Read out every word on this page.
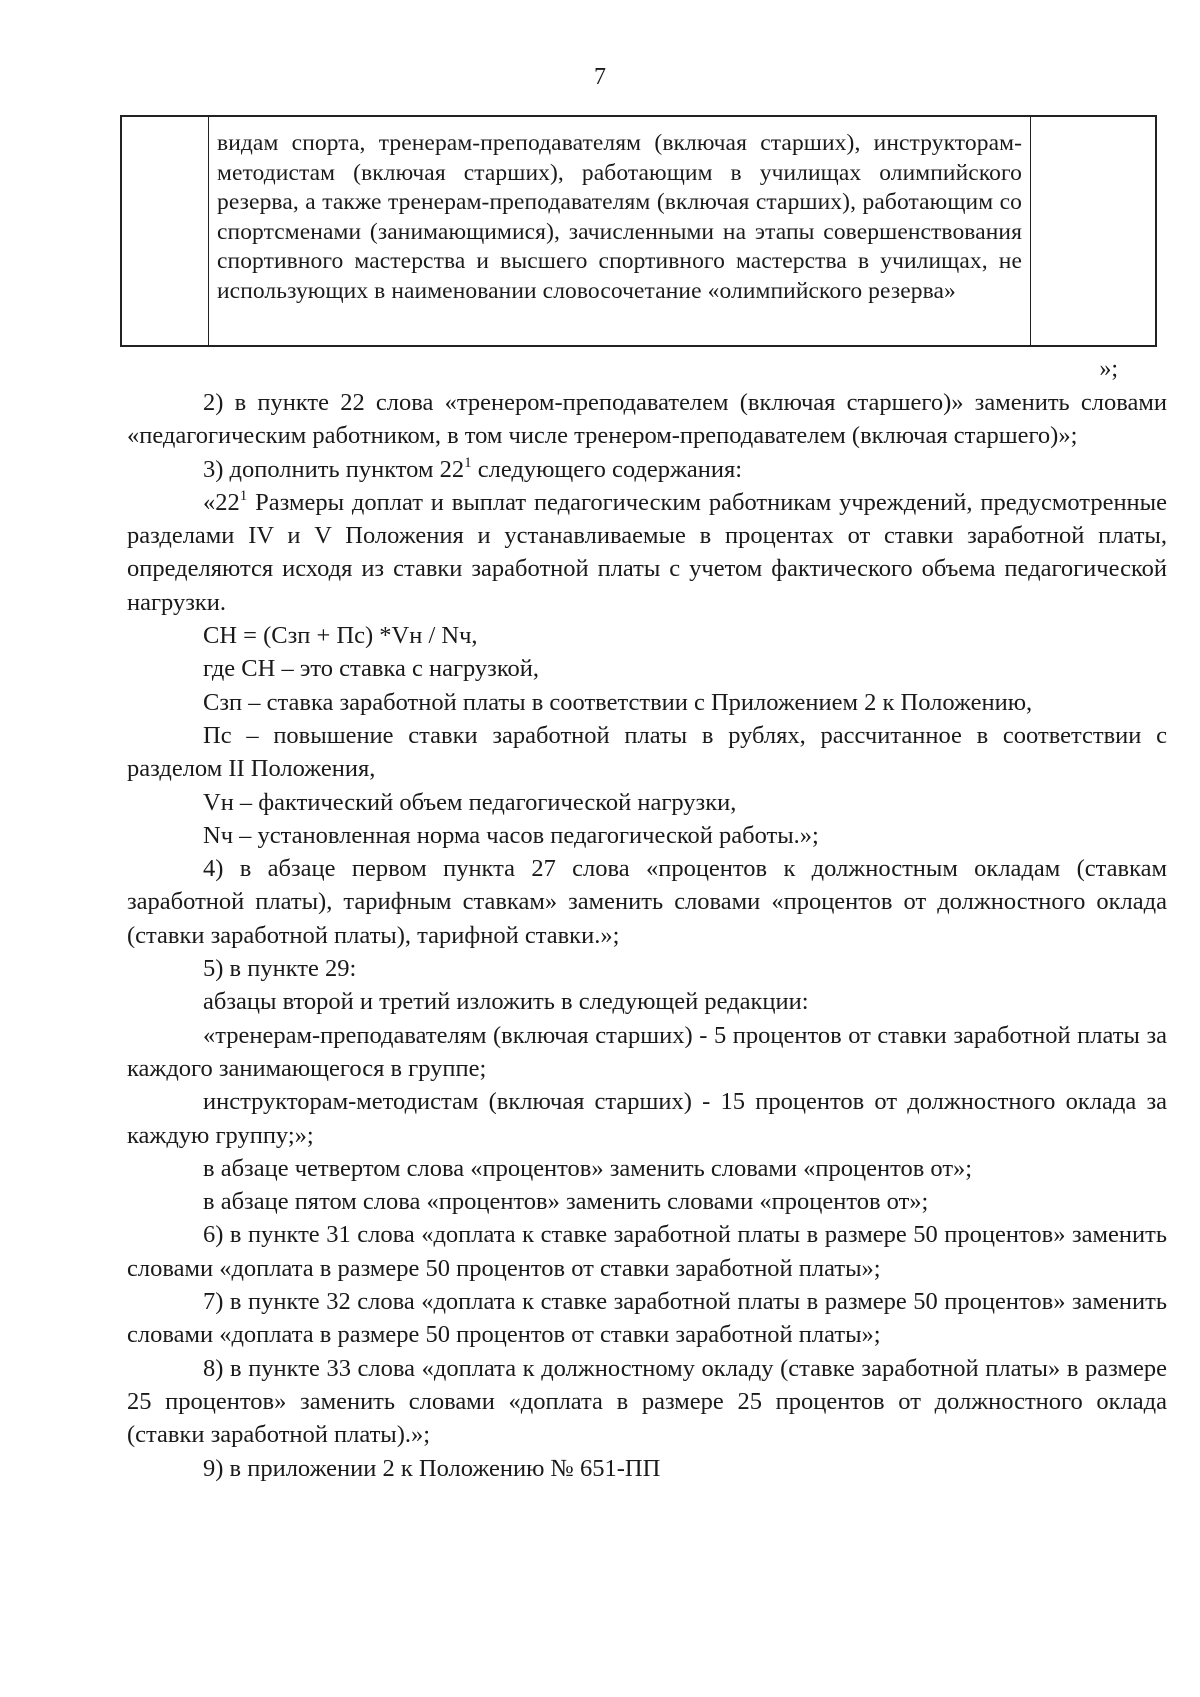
7

видам спорта, тренерам-преподавателям (включая старших), инструкторам-методистам (включая старших), работающим в училищах олимпийского резерва, а также тренерам-преподавателям (включая старших), работающим со спортсменами (занимающимися), зачисленными на этапы совершенствования спортивного мастерства и высшего спортивного мастерства в училищах, не использующих в наименовании словосочетание «олимпийского резерва»

»;

2) в пункте 22 слова «тренером-преподавателем (включая старшего)» заменить словами «педагогическим работником, в том числе тренером-преподавателем (включая старшего)»;

3) дополнить пунктом $22^1$ следующего содержания:

«$22^1$ Размеры доплат и выплат педагогическим работникам учреждений, предусмотренные разделами IV и V Положения и устанавливаемые в процентах от ставки заработной платы, определяются исходя из ставки заработной платы с учетом фактического объема педагогической нагрузки.

СН = (Сзп + Пс) *Vн / Nч,

где СН – это ставка с нагрузкой,

Сзп – ставка заработной платы в соответствии с Приложением 2 к Положению,

Пс – повышение ставки заработной платы в рублях, рассчитанное в соответствии с разделом II Положения,

Vн – фактический объем педагогической нагрузки,

Nч – установленная норма часов педагогической работы.»;

4) в абзаце первом пункта 27 слова «процентов к должностным окладам (ставкам заработной платы), тарифным ставкам» заменить словами «процентов от должностного оклада (ставки заработной платы), тарифной ставки.»;

5) в пункте 29:

абзацы второй и третий изложить в следующей редакции:

«тренерам-преподавателям (включая старших) - 5 процентов от ставки заработной платы за каждого занимающегося в группе;

инструкторам-методистам (включая старших) - 15 процентов от должностного оклада за каждую группу;»;

в абзаце четвертом слова «процентов» заменить словами «процентов от»;

в абзаце пятом слова «процентов» заменить словами «процентов от»;

6) в пункте 31 слова «доплата к ставке заработной платы в размере 50 процентов» заменить словами «доплата в размере 50 процентов от ставки заработной платы»;

7) в пункте 32 слова «доплата к ставке заработной платы в размере 50 процентов» заменить словами «доплата в размере 50 процентов от ставки заработной платы»;

8) в пункте 33 слова «доплата к должностному окладу (ставке заработной платы» в размере 25 процентов» заменить словами «доплата в размере 25 процентов от должностного оклада (ставки заработной платы).»;

9) в приложении 2 к Положению № 651-ПП
